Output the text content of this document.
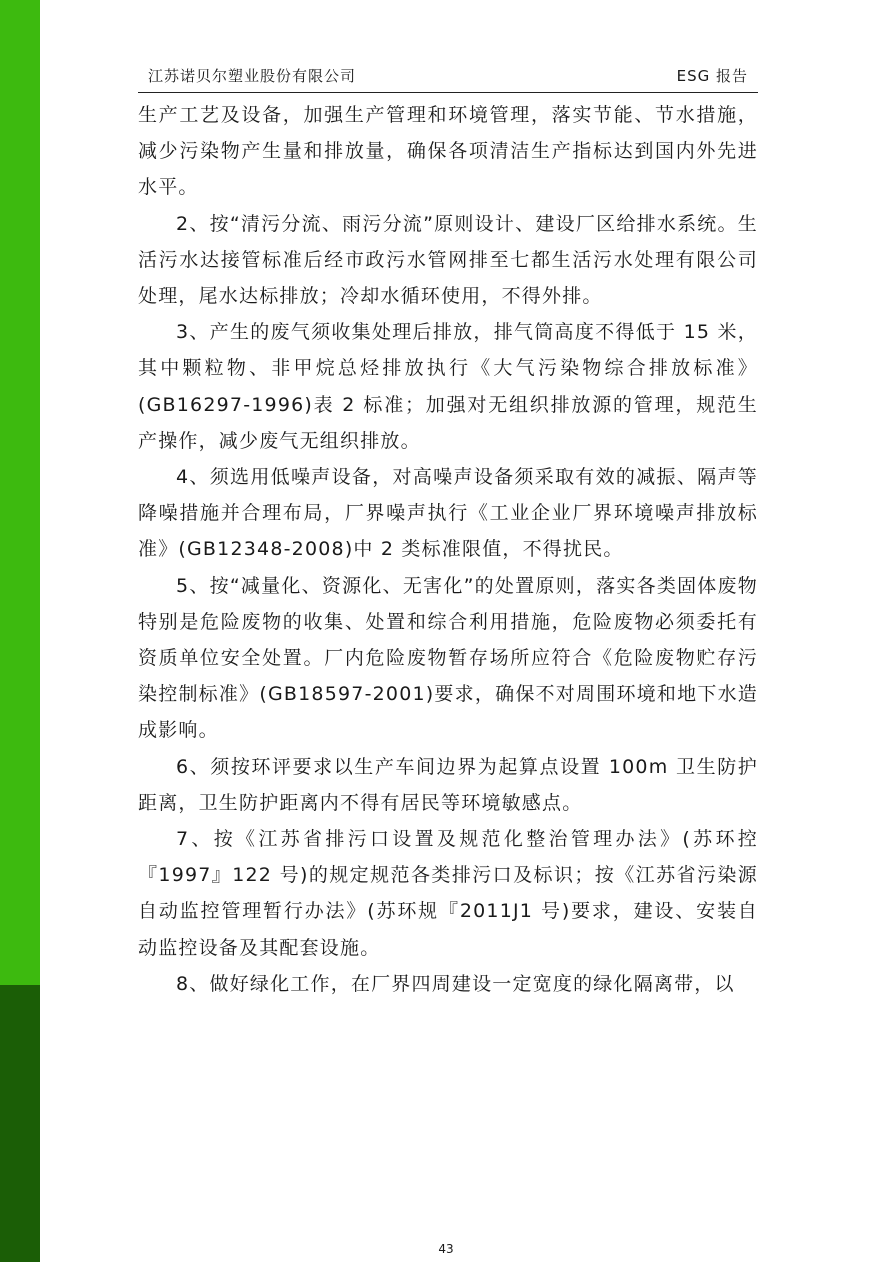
江苏诺贝尔塑业股份有限公司	ESG 报告

生产工艺及设备，加强生产管理和环境管理，落实节能、节水措施，减少污染物产生量和排放量，确保各项清洁生产指标达到国内外先进水平。

2、按“清污分流、雨污分流”原则设计、建设厂区给排水系统。生活污水达接管标准后经市政污水管网排至七都生活污水处理有限公司处理，尾水达标排放；冷却水循环使用，不得外排。

3、产生的废气须收集处理后排放，排气筒高度不得低于 15 米，其中颗粒物、非甲烷总烃排放执行《大气污染物综合排放标准》(GB16297-1996)表 2 标准；加强对无组织排放源的管理，规范生产操作，减少废气无组织排放。

4、须选用低噪声设备，对高噪声设备须采取有效的减振、隔声等降噪措施并合理布局，厂界噪声执行《工业企业厂界环境噪声排放标准》(GB12348-2008)中 2 类标准限值，不得扰民。

5、按“减量化、资源化、无害化”的处置原则，落实各类固体废物特别是危险废物的收集、处置和综合利用措施，危险废物必须委托有资质单位安全处置。厂内危险废物暂存场所应符合《危险废物贮存污染控制标准》(GB18597-2001)要求，确保不对周围环境和地下水造成影响。

6、须按环评要求以生产车间边界为起算点设置 100m 卫生防护距离，卫生防护距离内不得有居民等环境敏感点。

7、按《江苏省排污口设置及规范化整治管理办法》(苏环控『1997』122 号)的规定规范各类排污口及标识；按《江苏省污染源自动监控管理暂行办法》(苏环规『2011J1 号)要求，建设、安装自动监控设备及其配套设施。

8、做好绿化工作，在厂界四周建设一定宽度的绿化隔离带，以

43
